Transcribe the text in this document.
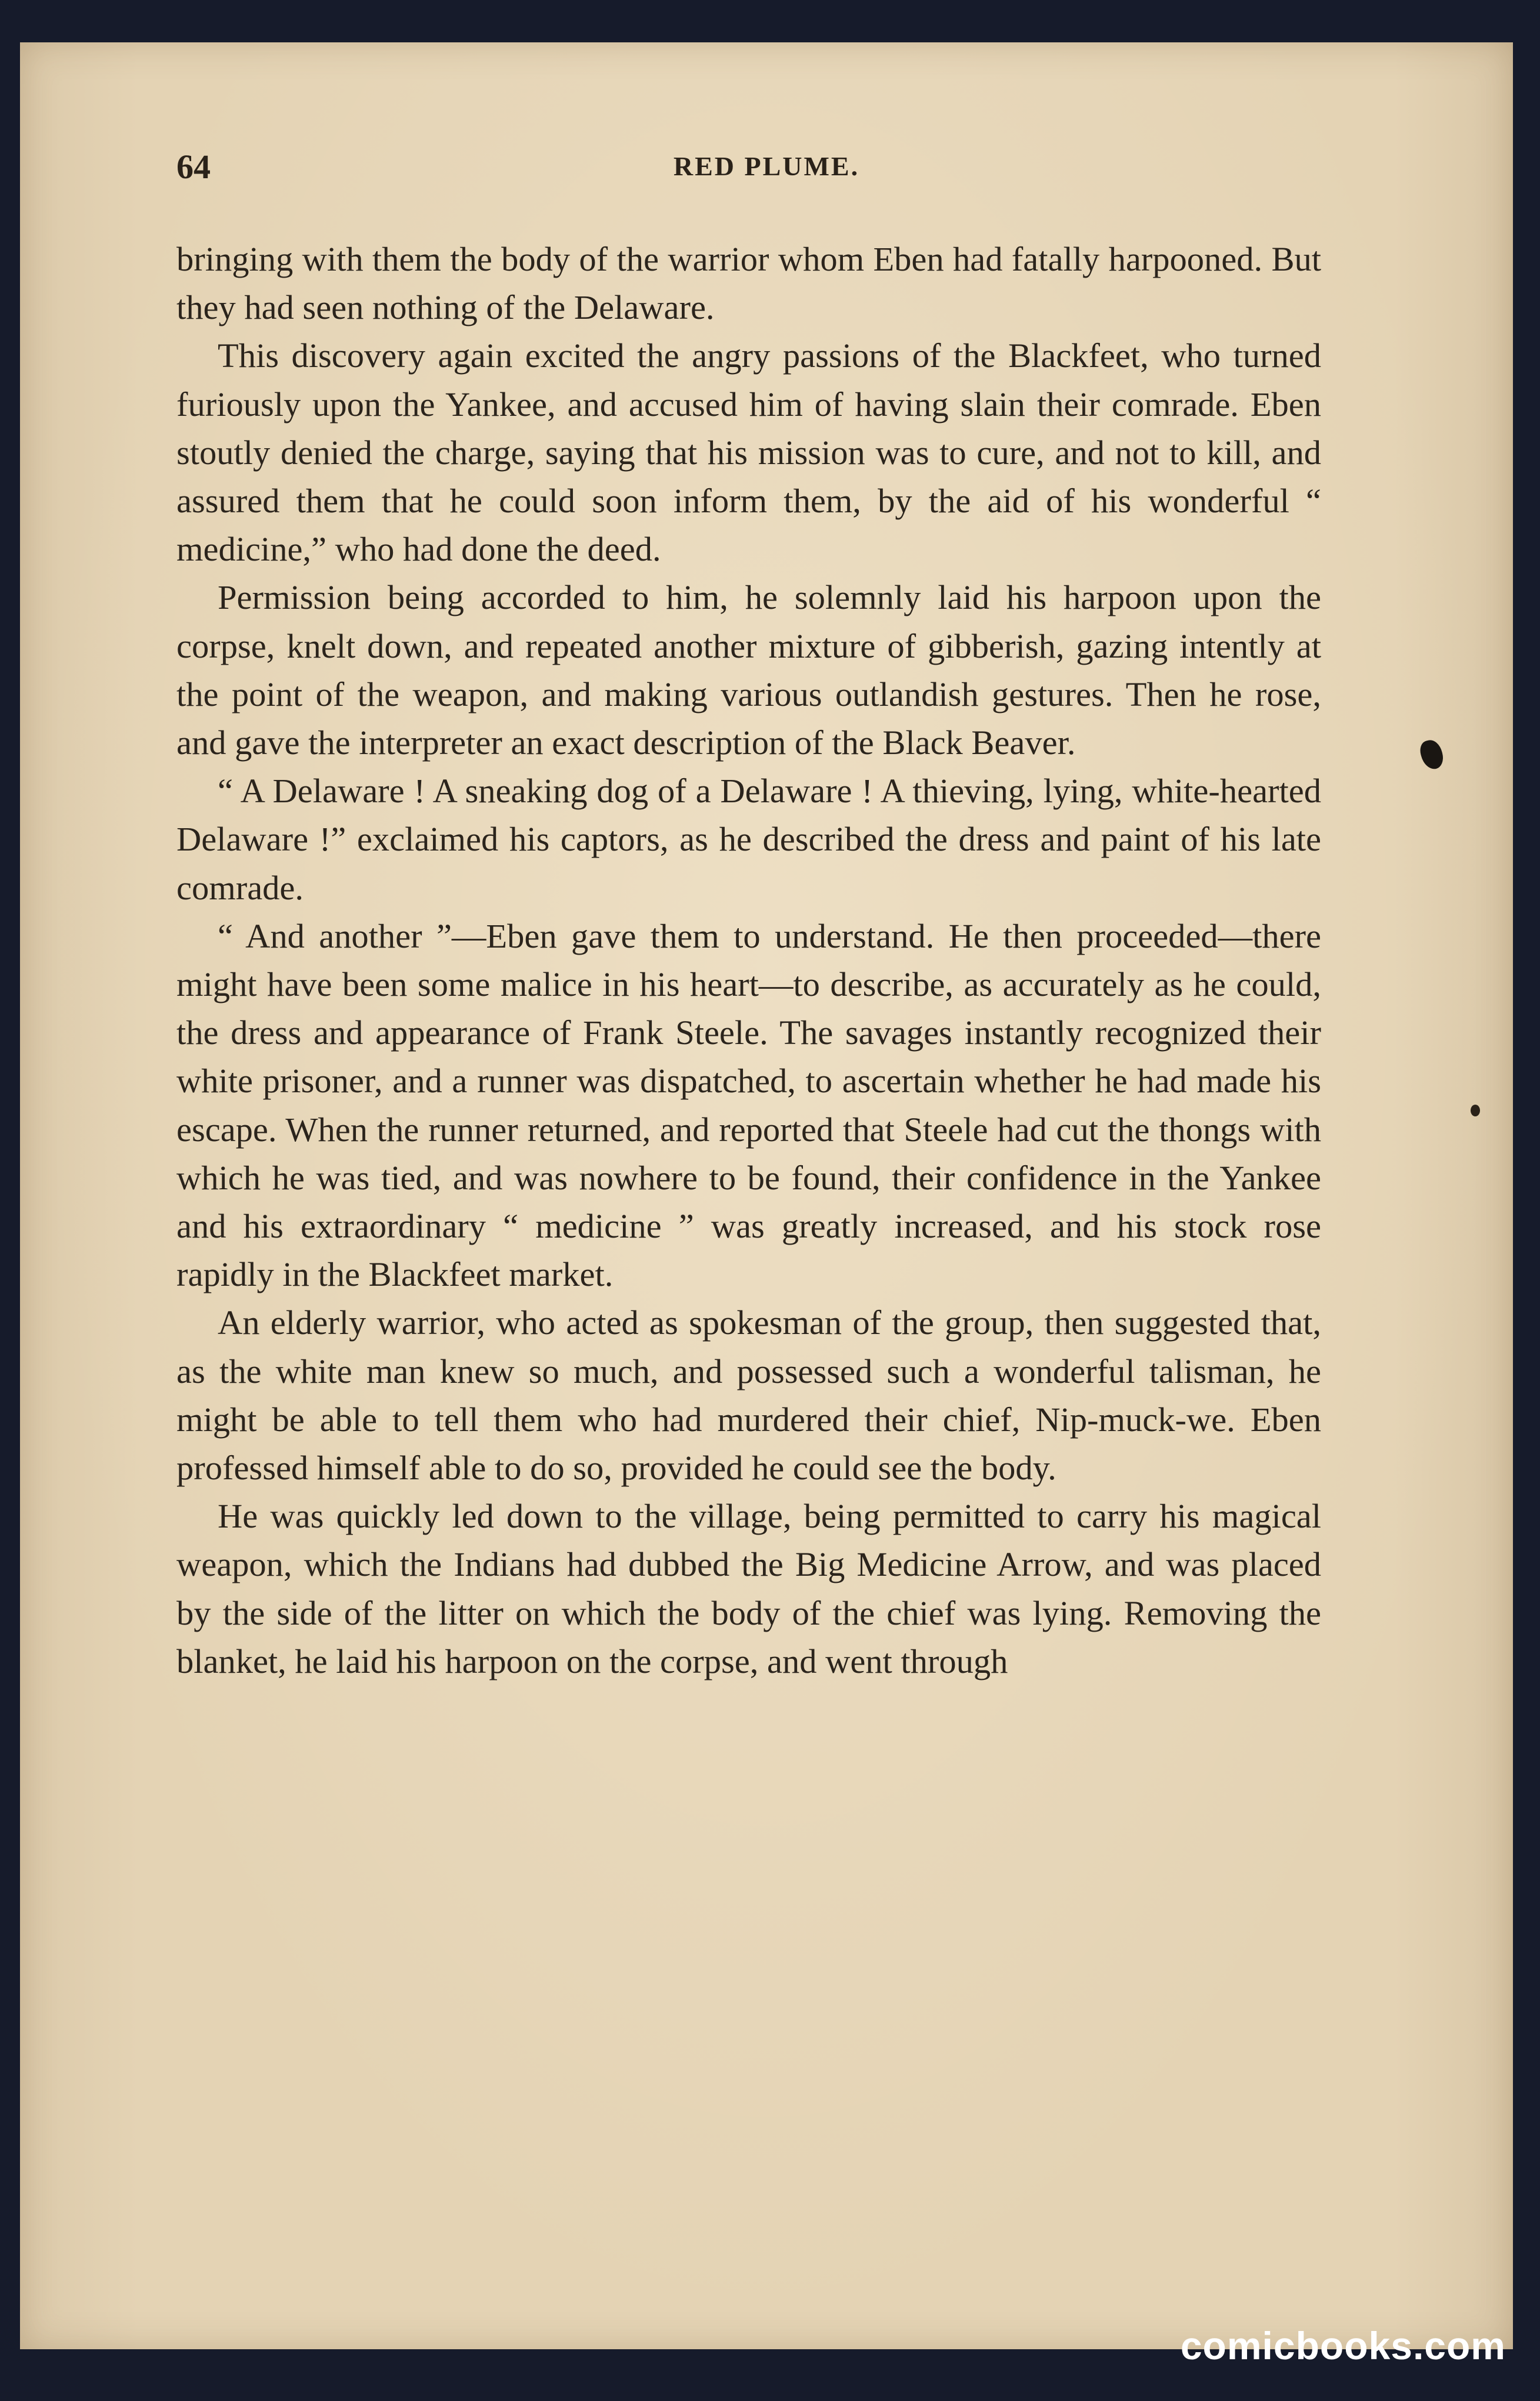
64	RED PLUME.

bringing with them the body of the warrior whom Eben had fatally harpooned. But they had seen nothing of the Delaware.

This discovery again excited the angry passions of the Blackfeet, who turned furiously upon the Yankee, and accused him of having slain their comrade. Eben stoutly denied the charge, saying that his mission was to cure, and not to kill, and assured them that he could soon inform them, by the aid of his wonderful “ medicine,” who had done the deed.

Permission being accorded to him, he solemnly laid his harpoon upon the corpse, knelt down, and repeated another mixture of gibberish, gazing intently at the point of the weapon, and making various outlandish gestures. Then he rose, and gave the interpreter an exact description of the Black Beaver.

“ A Delaware ! A sneaking dog of a Delaware ! A thieving, lying, white-hearted Delaware !” exclaimed his captors, as he described the dress and paint of his late comrade.

“ And another ”—Eben gave them to understand. He then proceeded—there might have been some malice in his heart—to describe, as accurately as he could, the dress and appearance of Frank Steele. The savages instantly recognized their white prisoner, and a runner was dispatched, to ascertain whether he had made his escape. When the runner returned, and reported that Steele had cut the thongs with which he was tied, and was nowhere to be found, their confidence in the Yankee and his extraordinary “ medicine ” was greatly increased, and his stock rose rapidly in the Blackfeet market.

An elderly warrior, who acted as spokesman of the group, then suggested that, as the white man knew so much, and possessed such a wonderful talisman, he might be able to tell them who had murdered their chief, Nip-muck-we. Eben professed himself able to do so, provided he could see the body.

He was quickly led down to the village, being permitted to carry his magical weapon, which the Indians had dubbed the Big Medicine Arrow, and was placed by the side of the litter on which the body of the chief was lying. Removing the blanket, he laid his harpoon on the corpse, and went through

comicbooks.com
